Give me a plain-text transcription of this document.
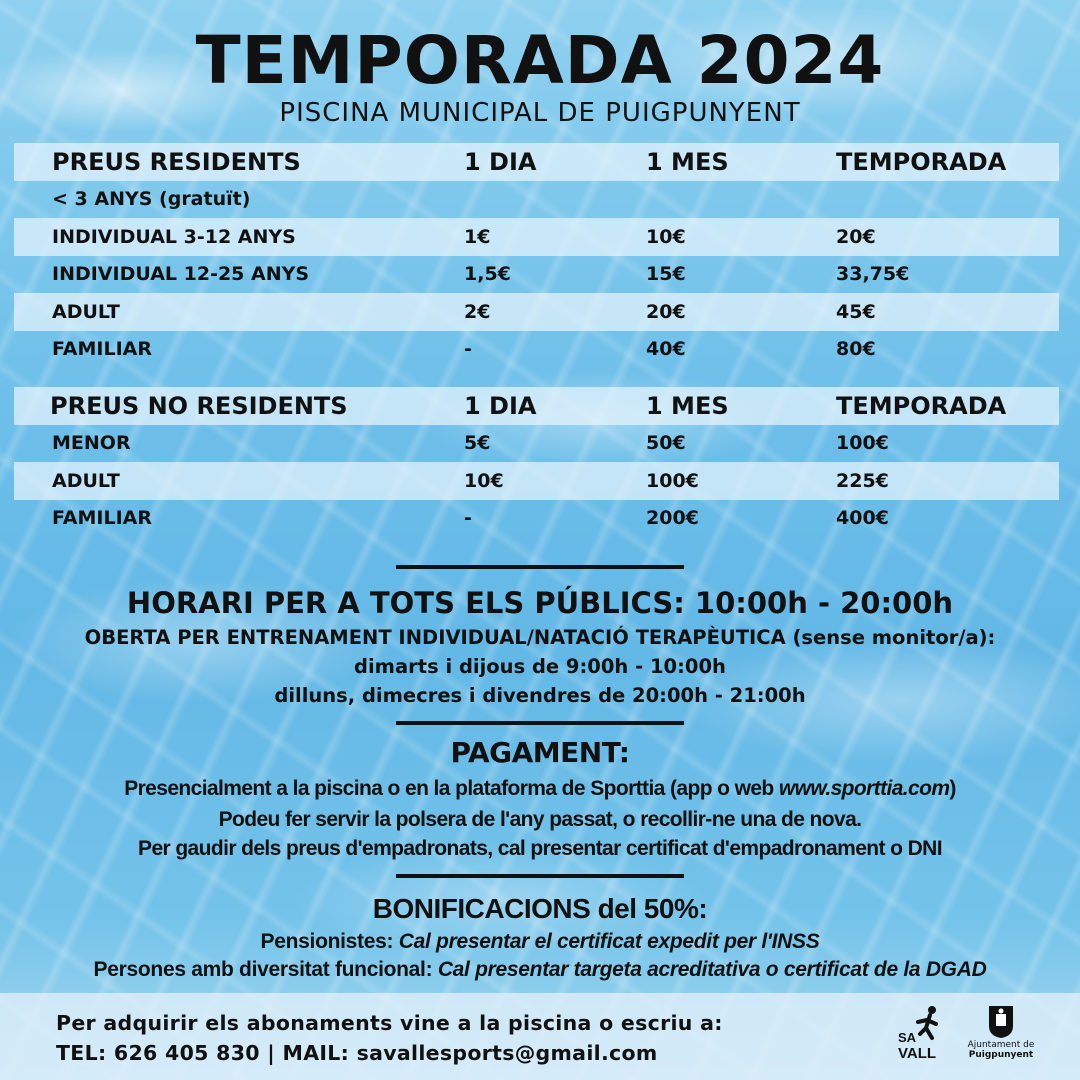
TEMPORADA 2024
PISCINA MUNICIPAL DE PUIGPUNYENT
PREUS RESIDENTS	1 DIA	1 MES	TEMPORADA
< 3 ANYS (gratuït)			
INDIVIDUAL 3-12 ANYS	1€	10€	20€
INDIVIDUAL 12-25 ANYS	1,5€	15€	33,75€
ADULT	2€	20€	45€
FAMILIAR	-	40€	80€
PREUS NO RESIDENTS	1 DIA	1 MES	TEMPORADA
MENOR	5€	50€	100€
ADULT	10€	100€	225€
FAMILIAR	-	200€	400€
HORARI PER A TOTS ELS PÚBLICS: 10:00h - 20:00h
OBERTA PER ENTRENAMENT INDIVIDUAL/NATACIÓ TERAPÈUTICA (sense monitor/a):
dimarts i dijous de 9:00h - 10:00h
dilluns, dimecres i divendres de 20:00h - 21:00h
PAGAMENT:
Presencialment a la piscina o en la plataforma de Sporttia (app o web www.sporttia.com)
Podeu fer servir la polsera de l'any passat, o recollir-ne una de nova.
Per gaudir dels preus d'empadronats, cal presentar certificat d'empadronament o DNI
BONIFICACIONS del 50%:
Pensionistes: Cal presentar el certificat expedit per l'INSS
Persones amb diversitat funcional: Cal presentar targeta acreditativa o certificat de la DGAD
Per adquirir els abonaments vine a la piscina o escriu a:
TEL: 626 405 830 | MAIL: savallesports@gmail.com
SA
VALL	Ajuntament de
Puigpunyent
